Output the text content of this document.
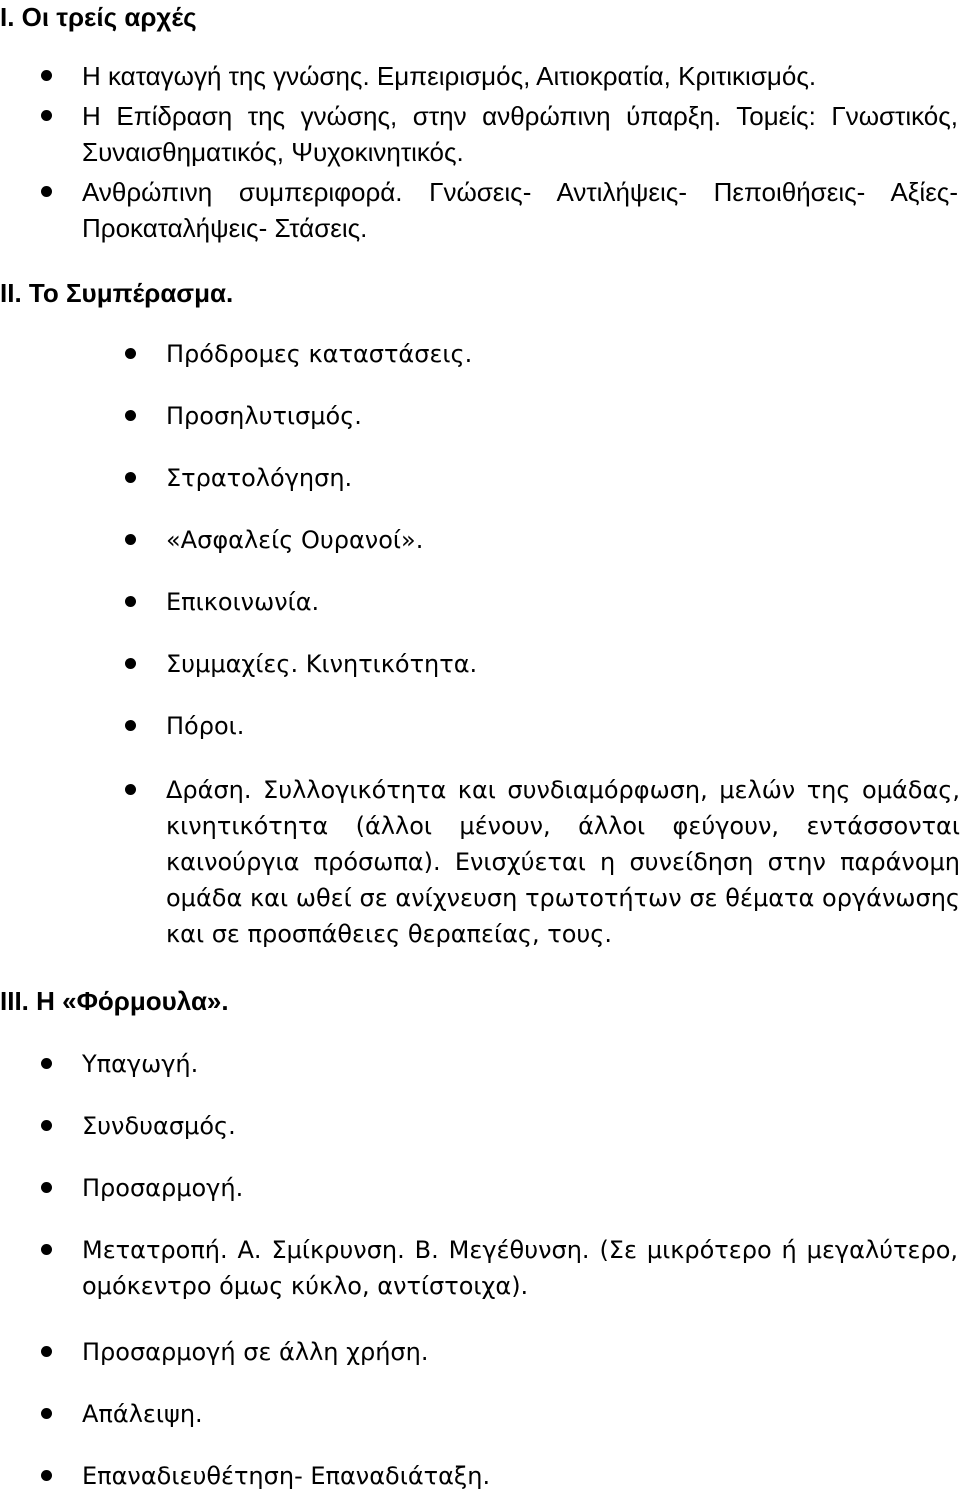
I. Οι τρείς αρχές
Η καταγωγή της γνώσης. Εμπειρισμός, Αιτιοκρατία, Κριτικισμός.
Η Επίδραση της γνώσης, στην ανθρώπινη ύπαρξη. Τομείς: Γνωστικός, Συναισθηματικός, Ψυχοκινητικός.
Ανθρώπινη συμπεριφορά. Γνώσεις- Αντιλήψεις- Πεποιθήσεις- Αξίες- Προκαταλήψεις- Στάσεις.
II. Το Συμπέρασμα.
Πρόδρομες καταστάσεις.
Προσηλυτισμός.
Στρατολόγηση.
«Ασφαλείς Ουρανοί».
Επικοινωνία.
Συμμαχίες. Κινητικότητα.
Πόροι.
Δράση. Συλλογικότητα και συνδιαμόρφωση, μελών της ομάδας, κινητικότητα (άλλοι μένουν, άλλοι φεύγουν, εντάσσονται καινούργια πρόσωπα). Ενισχύεται η συνείδηση στην παράνομη ομάδα και ωθεί σε ανίχνευση τρωτοτήτων σε θέματα οργάνωσης και σε προσπάθειες θεραπείας, τους.
III. Η «Φόρμουλα».
Υπαγωγή.
Συνδυασμός.
Προσαρμογή.
Μετατροπή. Α. Σμίκρυνση. Β. Μεγέθυνση. (Σε μικρότερο ή μεγαλύτερο, ομόκεντρο όμως κύκλο, αντίστοιχα).
Προσαρμογή σε άλλη χρήση.
Απάλειψη.
Επαναδιευθέτηση- Επαναδιάταξη.
